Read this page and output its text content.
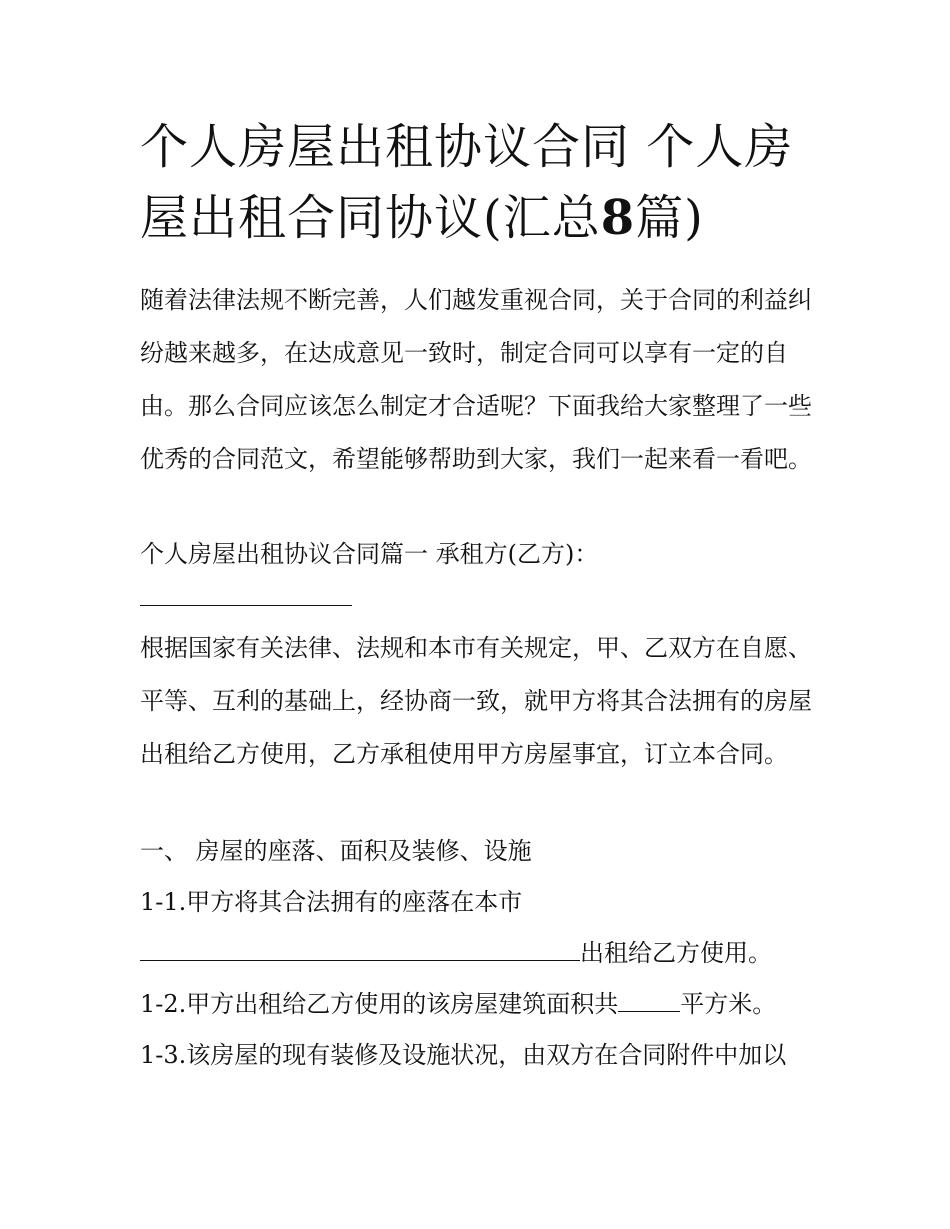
个人房屋出租协议合同 个人房屋出租合同协议(汇总8篇)

随着法律法规不断完善，人们越发重视合同，关于合同的利益纠纷越来越多，在达成意见一致时，制定合同可以享有一定的自由。那么合同应该怎么制定才合适呢？下面我给大家整理了一些优秀的合同范文，希望能够帮助到大家，我们一起来看一看吧。

个人房屋出租协议合同篇一 承租方(乙方)：

根据国家有关法律、法规和本市有关规定，甲、乙双方在自愿、平等、互利的基础上，经协商一致，就甲方将其合法拥有的房屋出租给乙方使用，乙方承租使用甲方房屋事宜，订立本合同。

一、 房屋的座落、面积及装修、设施

1-1.甲方将其合法拥有的座落在本市

出租给乙方使用。

1-2.甲方出租给乙方使用的该房屋建筑面积共	平方米。

1-3.该房屋的现有装修及设施状况，由双方在合同附件中加以
